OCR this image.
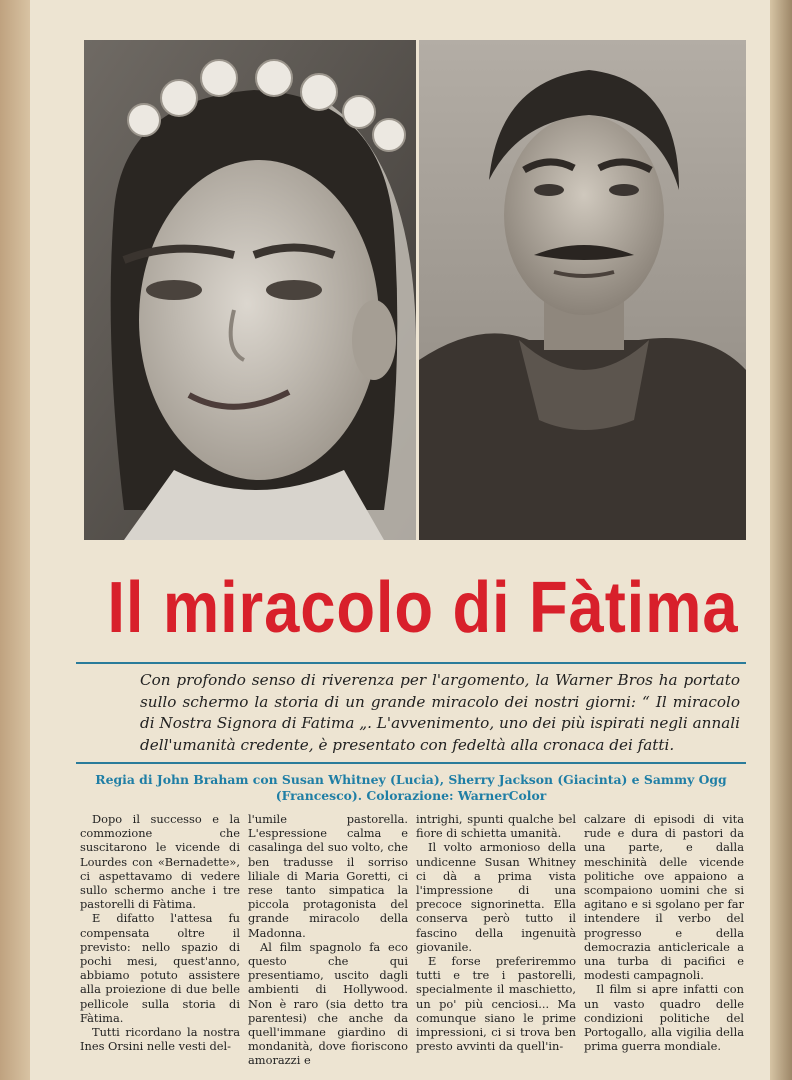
Il miracolo di Fàtima
Con profondo senso di riverenza per l'argomento, la Warner Bros ha portato sullo schermo la storia di un grande miracolo dei nostri giorni: “ Il miracolo di Nostra Signora di Fatima „. L'avvenimento, uno dei più ispirati negli annali dell'umanità credente, è presentato con fedeltà alla cronaca dei fatti.
Regia di John Braham con Susan Whitney (Lucia), Sherry Jackson (Giacinta) e Sammy Ogg
(Francesco). Colorazione: WarnerColor

Dopo il successo e la commozione che suscitarono le vicende di Lourdes con «Bernadette», ci aspettavamo di vedere sullo schermo anche i tre pastorelli di Fàtima.

E difatto l'attesa fu compensata oltre il previsto: nello spazio di pochi mesi, quest'anno, abbiamo potuto assistere alla proiezione di due belle pellicole sulla storia di Fàtima.

Tutti ricordano la nostra Ines Orsini nelle vesti del-

l'umile pastorella. L'espressione calma e casalinga del suo volto, che ben tradusse il sorriso liliale di Maria Goretti, ci rese tanto simpatica la piccola protagonista del grande miracolo della Madonna.

Al film spagnolo fa eco questo che qui presentiamo, uscito dagli ambienti di Hollywood. Non è raro (sia detto tra parentesi) che anche da quell'immane giardino di mondanità, dove fioriscono amorazzi e

intrighi, spunti qualche bel fiore di schietta umanità.

Il volto armonioso della undicenne Susan Whitney ci dà a prima vista l'impressione di una precoce signorinetta. Ella conserva però tutto il fascino della ingenuità giovanile.

E forse preferiremmo tutti e tre i pastorelli, specialmente il maschietto, un po' più cenciosi... Ma comunque siano le prime impressioni, ci si trova ben presto avvinti da quell'in-

calzare di episodi di vita rude e dura di pastori da una parte, e dalla meschinità delle vicende politiche ove appaiono a scompaiono uomini che si agitano e si sgolano per far intendere il verbo del progresso e della democrazia anticlericale a una turba di pacifici e modesti campagnoli.

Il film si apre infatti con un vasto quadro delle condizioni politiche del Portogallo, alla vigilia della prima guerra mondiale.
